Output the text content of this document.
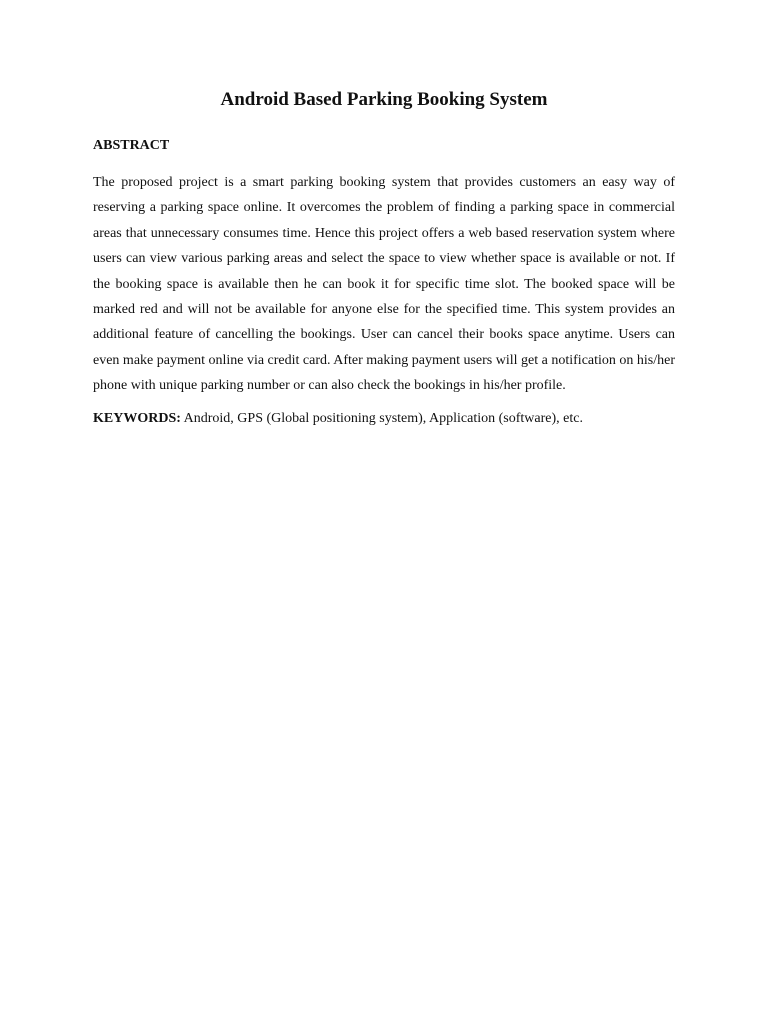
Android Based Parking Booking System
ABSTRACT

The proposed project is a smart parking booking system that provides customers an easy way of reserving a parking space online. It overcomes the problem of finding a parking space in commercial areas that unnecessary consumes time. Hence this project offers a web based reservation system where users can view various parking areas and select the space to view whether space is available or not. If the booking space is available then he can book it for specific time slot. The booked space will be marked red and will not be available for anyone else for the specified time. This system provides an additional feature of cancelling the bookings. User can cancel their books space anytime. Users can even make payment online via credit card. After making payment users will get a notification on his/her phone with unique parking number or can also check the bookings in his/her profile.

KEYWORDS: Android, GPS (Global positioning system), Application (software), etc.
